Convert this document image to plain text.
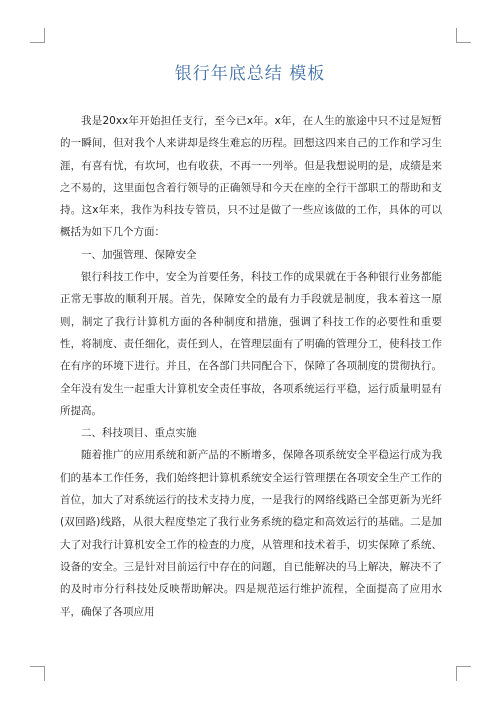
银行年底总结 模板

我是20xx年开始担任支行，至今已x年。x年，在人生的旅途中只不过是短暂的一瞬间，但对我个人来讲却是终生难忘的历程。回想这四来自己的工作和学习生涯，有喜有忧，有坎坷，也有收获，不再一一列举。但是我想说明的是，成绩是来之不易的，这里面包含着行领导的正确领导和今天在座的全行干部职工的帮助和支持。这x年来，我作为科技专管员，只不过是做了一些应该做的工作，具体的可以概括为如下几个方面：

一、加强管理、保障安全

银行科技工作中，安全为首要任务，科技工作的成果就在于各种银行业务都能正常无事故的顺利开展。首先，保障安全的最有力手段就是制度，我本着这一原则，制定了我行计算机方面的各种制度和措施，强调了科技工作的必要性和重要性，将制度、责任细化，责任到人，在管理层面有了明确的管理分工，使科技工作在有序的环境下进行。并且，在各部门共同配合下，保障了各项制度的贯彻执行。全年没有发生一起重大计算机安全责任事故，各项系统运行平稳，运行质量明显有所提高。

二、科技项目、重点实施

随着推广的应用系统和新产品的不断增多，保障各项系统安全平稳运行成为我们的基本工作任务，我们始终把计算机系统安全运行管理摆在各项安全生产工作的首位，加大了对系统运行的技术支持力度，一是我行的网络线路已全部更新为光纤(双回路)线路，从很大程度垫定了我行业务系统的稳定和高效运行的基础。二是加大了对我行计算机安全工作的检查的力度，从管理和技术着手，切实保障了系统、设备的安全。三是针对目前运行中存在的问题，自已能解决的马上解决，解决不了的及时市分行科技处反映帮助解决。四是规范运行维护流程，全面提高了应用水平，确保了各项应用
